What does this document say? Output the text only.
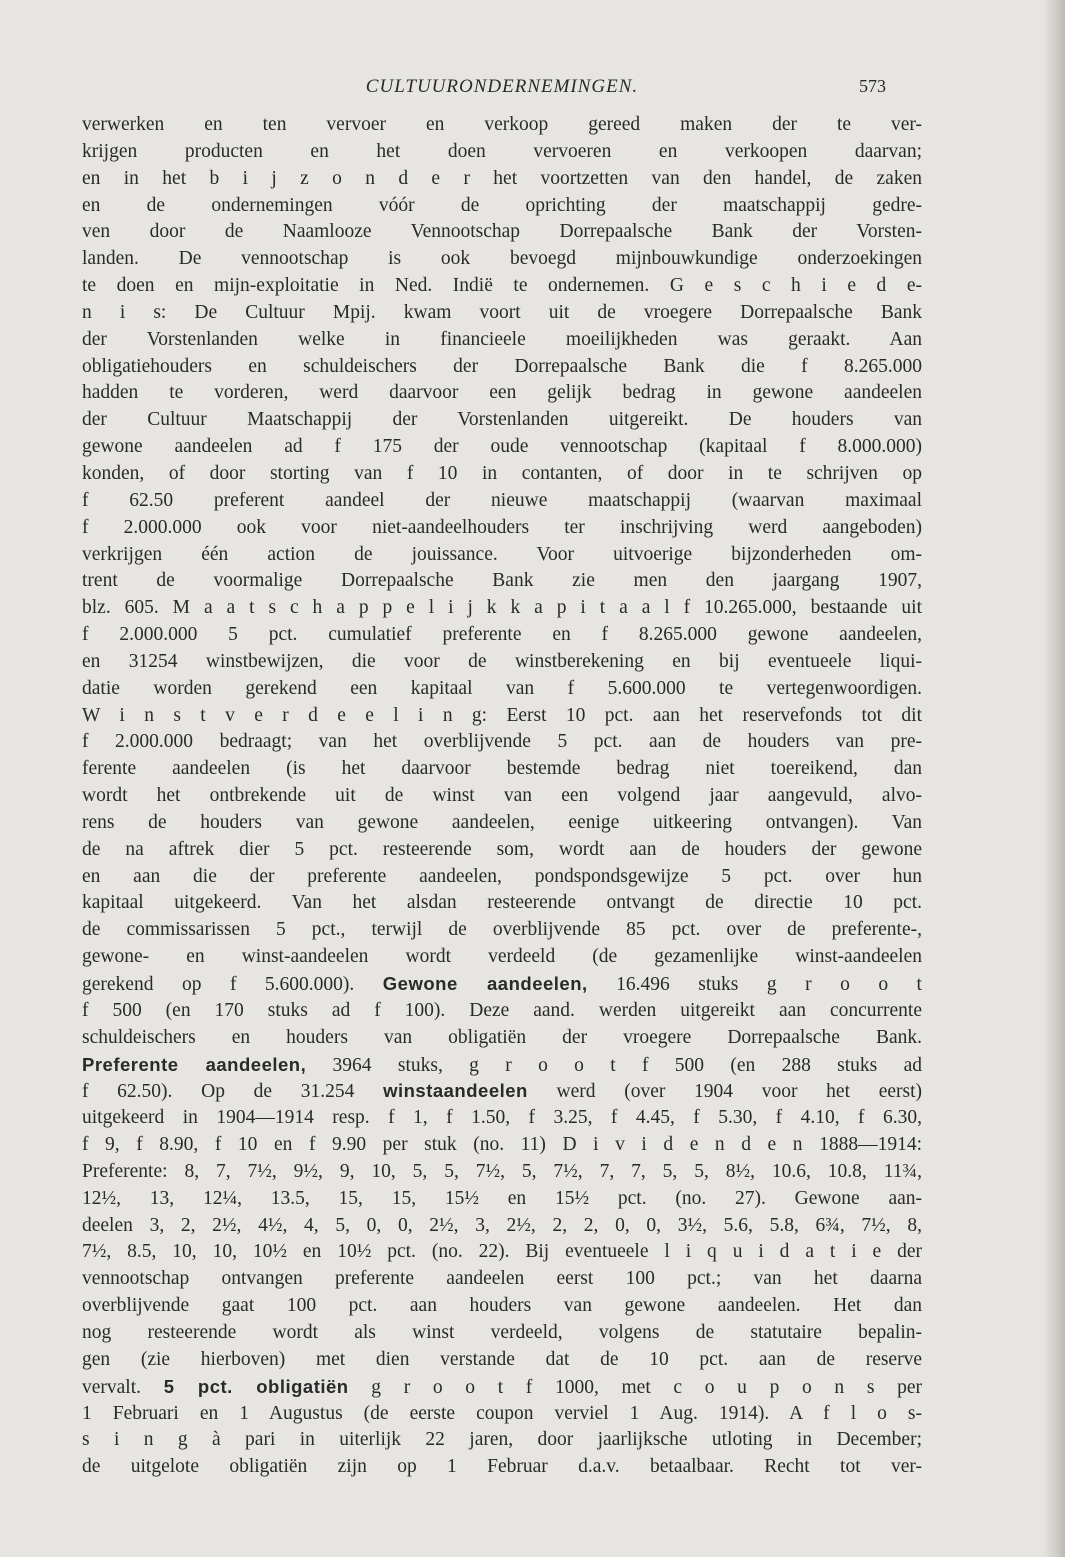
CULTUURONDERNEMINGEN.	573
verwerken en ten vervoer en verkoop gereed maken der te ver-
krijgen producten en het doen vervoeren en verkoopen daarvan;
en in het b i j z o n d e r het voortzetten van den handel, de zaken
en de ondernemingen vóór de oprichting der maatschappij gedre-
ven door de Naamlooze Vennootschap Dorrepaalsche Bank der Vorsten-
landen. De vennootschap is ook bevoegd mijnbouwkundige onderzoekingen
te doen en mijn-exploitatie in Ned. Indië te ondernemen. G e s c h i e d e-
n i s: De Cultuur Mpij. kwam voort uit de vroegere Dorrepaalsche Bank
der Vorstenlanden welke in financieele moeilijkheden was geraakt. Aan
obligatiehouders en schuldeischers der Dorrepaalsche Bank die f 8.265.000
hadden te vorderen, werd daarvoor een gelijk bedrag in gewone aandeelen
der Cultuur Maatschappij der Vorstenlanden uitgereikt. De houders van
gewone aandeelen ad f 175 der oude vennootschap (kapitaal f 8.000.000)
konden, of door storting van f 10 in contanten, of door in te schrijven op
f 62.50 preferent aandeel der nieuwe maatschappij (waarvan maximaal
f 2.000.000 ook voor niet-aandeelhouders ter inschrijving werd aangeboden)
verkrijgen één action de jouissance. Voor uitvoerige bijzonderheden om-
trent de voormalige Dorrepaalsche Bank zie men den jaargang 1907,
blz. 605. M a a t s c h a p p e l i j k k a p i t a a l f 10.265.000, bestaande uit
f 2.000.000 5 pct. cumulatief preferente en f 8.265.000 gewone aandeelen,
en 31254 winstbewijzen, die voor de winstberekening en bij eventueele liqui-
datie worden gerekend een kapitaal van f 5.600.000 te vertegenwoordigen.
W i n s t v e r d e e l i n g: Eerst 10 pct. aan het reservefonds tot dit
f 2.000.000 bedraagt; van het overblijvende 5 pct. aan de houders van pre-
ferente aandeelen (is het daarvoor bestemde bedrag niet toereikend, dan
wordt het ontbrekende uit de winst van een volgend jaar aangevuld, alvo-
rens de houders van gewone aandeelen, eenige uitkeering ontvangen). Van
de na aftrek dier 5 pct. resteerende som, wordt aan de houders der gewone
en aan die der preferente aandeelen, pondspondsgewijze 5 pct. over hun
kapitaal uitgekeerd. Van het alsdan resteerende ontvangt de directie 10 pct.
de commissarissen 5 pct., terwijl de overblijvende 85 pct. over de preferente-,
gewone- en winst-aandeelen wordt verdeeld (de gezamenlijke winst-aandeelen
gerekend op f 5.600.000). Gewone aandeelen, 16.496 stuks g r o o t
f 500 (en 170 stuks ad f 100). Deze aand. werden uitgereikt aan concurrente
schuldeischers en houders van obligatiën der vroegere Dorrepaalsche Bank.
Preferente aandeelen, 3964 stuks, g r o o t f 500 (en 288 stuks ad
f 62.50). Op de 31.254 winstaandeelen werd (over 1904 voor het eerst)
uitgekeerd in 1904—1914 resp. f 1, f 1.50, f 3.25, f 4.45, f 5.30, f 4.10, f 6.30,
f 9, f 8.90, f 10 en f 9.90 per stuk (no. 11) D i v i d e n d e n 1888—1914:
Preferente: 8, 7, 7½, 9½, 9, 10, 5, 5, 7½, 5, 7½, 7, 7, 5, 5, 8½, 10.6, 10.8, 11¾,
12½, 13, 12¼, 13.5, 15, 15, 15½ en 15½ pct. (no. 27). Gewone aan-
deelen 3, 2, 2½, 4½, 4, 5, 0, 0, 2½, 3, 2½, 2, 2, 0, 0, 3½, 5.6, 5.8, 6¾, 7½, 8,
7½, 8.5, 10, 10, 10½ en 10½ pct. (no. 22). Bij eventueele l i q u i d a t i e der
vennootschap ontvangen preferente aandeelen eerst 100 pct.; van het daarna
overblijvende gaat 100 pct. aan houders van gewone aandeelen. Het dan
nog resteerende wordt als winst verdeeld, volgens de statutaire bepalin-
gen (zie hierboven) met dien verstande dat de 10 pct. aan de reserve
vervalt. 5 pct. obligatiën g r o o t f 1000, met c o u p o n s per
1 Februari en 1 Augustus (de eerste coupon verviel 1 Aug. 1914). A f l o s-
s i n g à pari in uiterlijk 22 jaren, door jaarlijksche utloting in December;
de uitgelote obligatiën zijn op 1 Februar d.a.v. betaalbaar. Recht tot ver-
